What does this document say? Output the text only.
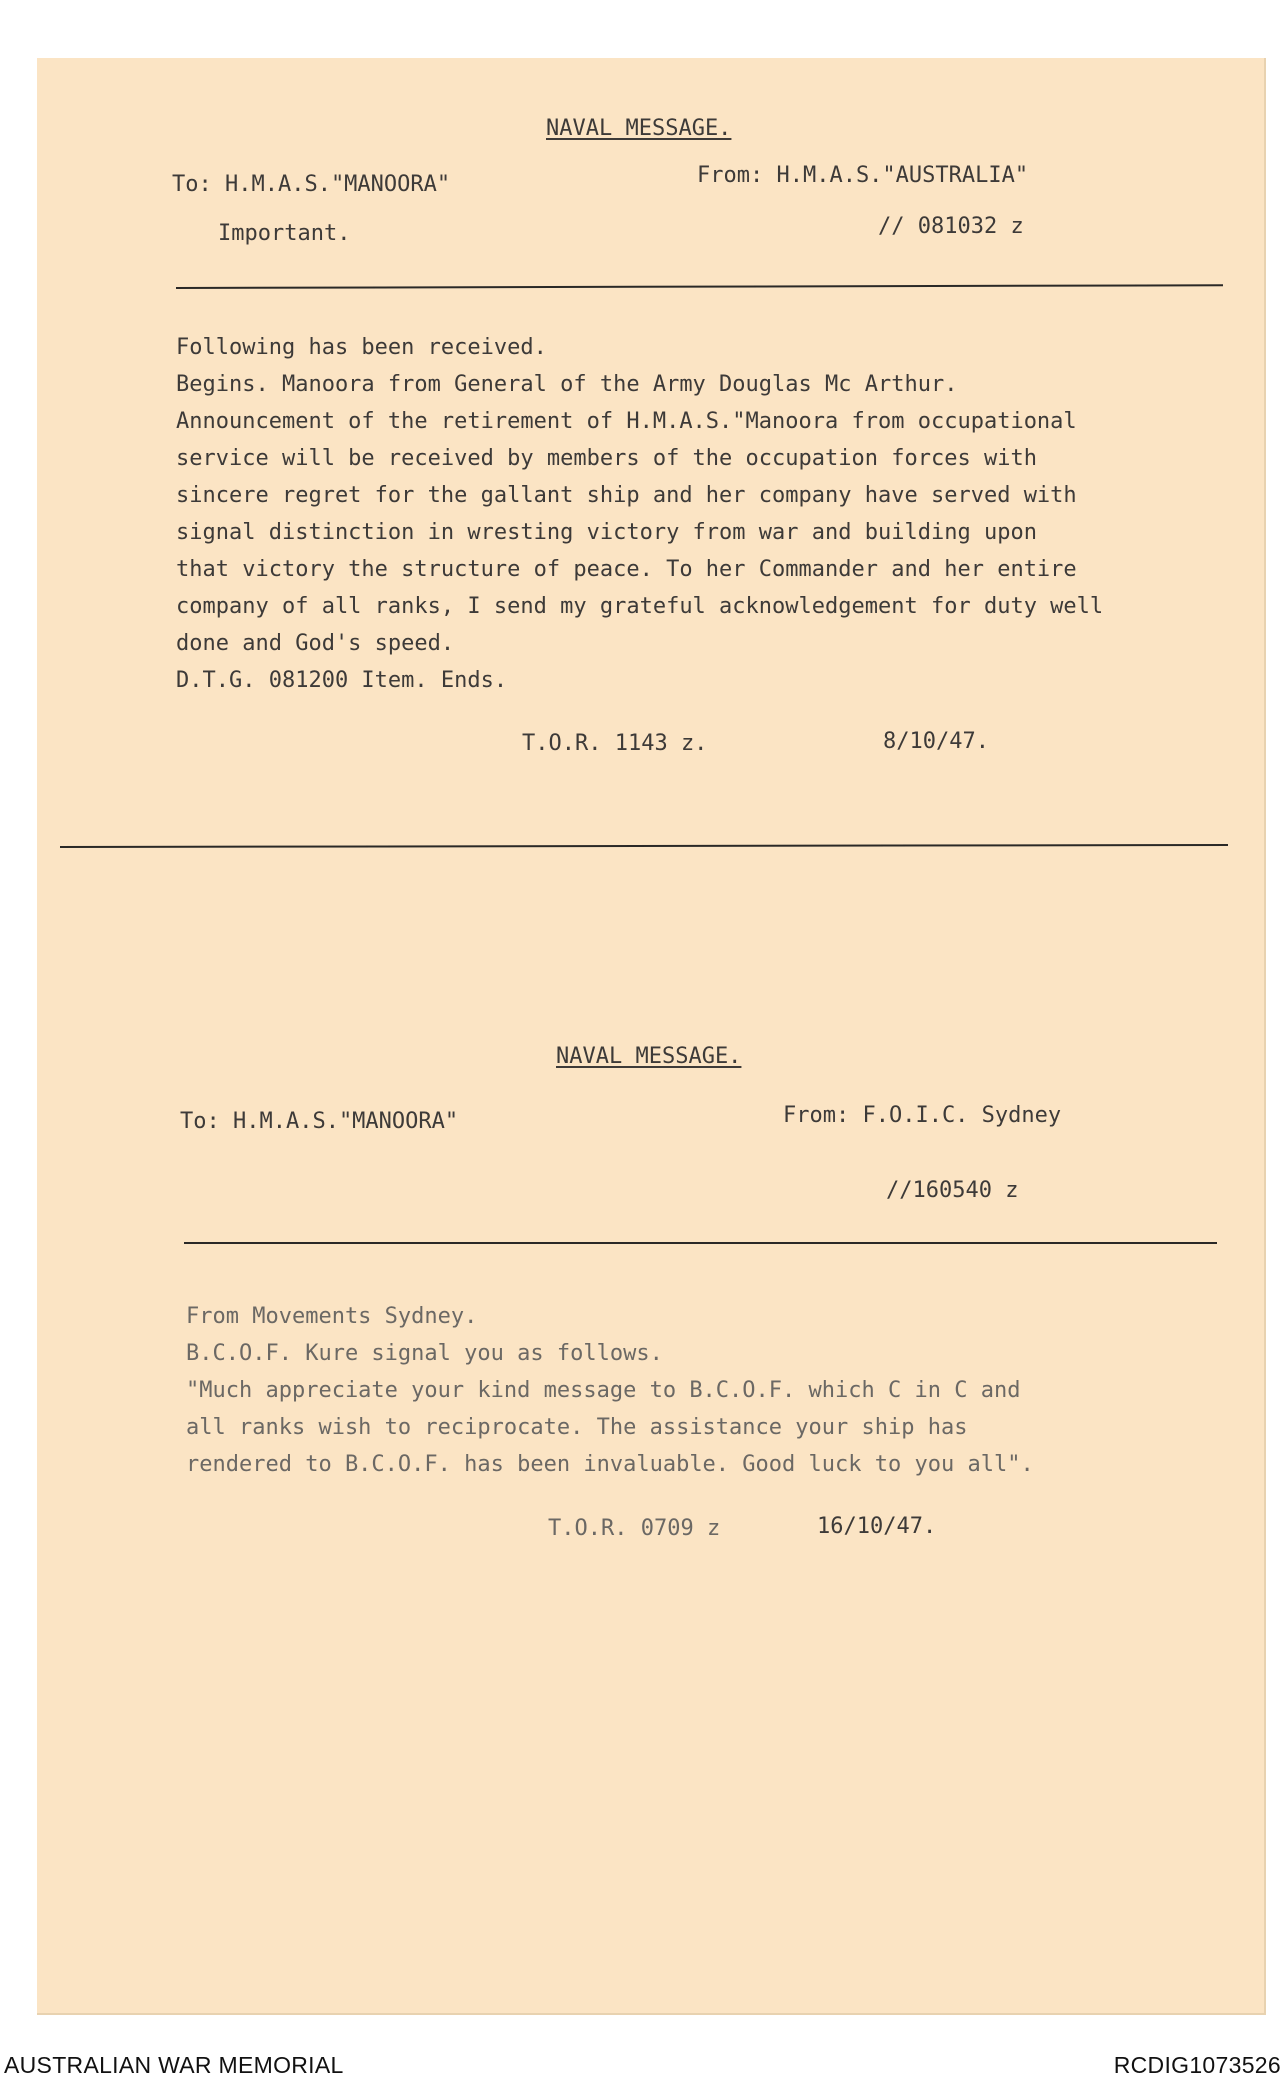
NAVAL MESSAGE.
To: H.M.A.S."MANOORA"	From: H.M.A.S."AUSTRALIA"
Important.	// 081032 z
Following has been received.
Begins. Manoora from General of the Army Douglas Mc Arthur.
Announcement of the retirement of H.M.A.S."Manoora from occupational
service will be received by members of the occupation forces with
sincere regret for the gallant ship and her company have served with
signal distinction in wresting victory from war and building upon
that victory the structure of peace. To her Commander and her entire
company of all ranks, I send my grateful acknowledgement for duty well
done and God's speed.
D.T.G. 081200 Item. Ends.
T.O.R. 1143 z.	8/10/47.
NAVAL MESSAGE.
To: H.M.A.S."MANOORA"	From: F.O.I.C. Sydney
//160540 z
From Movements Sydney.
B.C.O.F. Kure signal you as follows.
"Much appreciate your kind message to B.C.O.F. which C in C and
all ranks wish to reciprocate. The assistance your ship has
rendered to B.C.O.F. has been invaluable. Good luck to you all".
T.O.R. 0709 z	16/10/47.
AUSTRALIAN WAR MEMORIAL	RCDIG1073526
